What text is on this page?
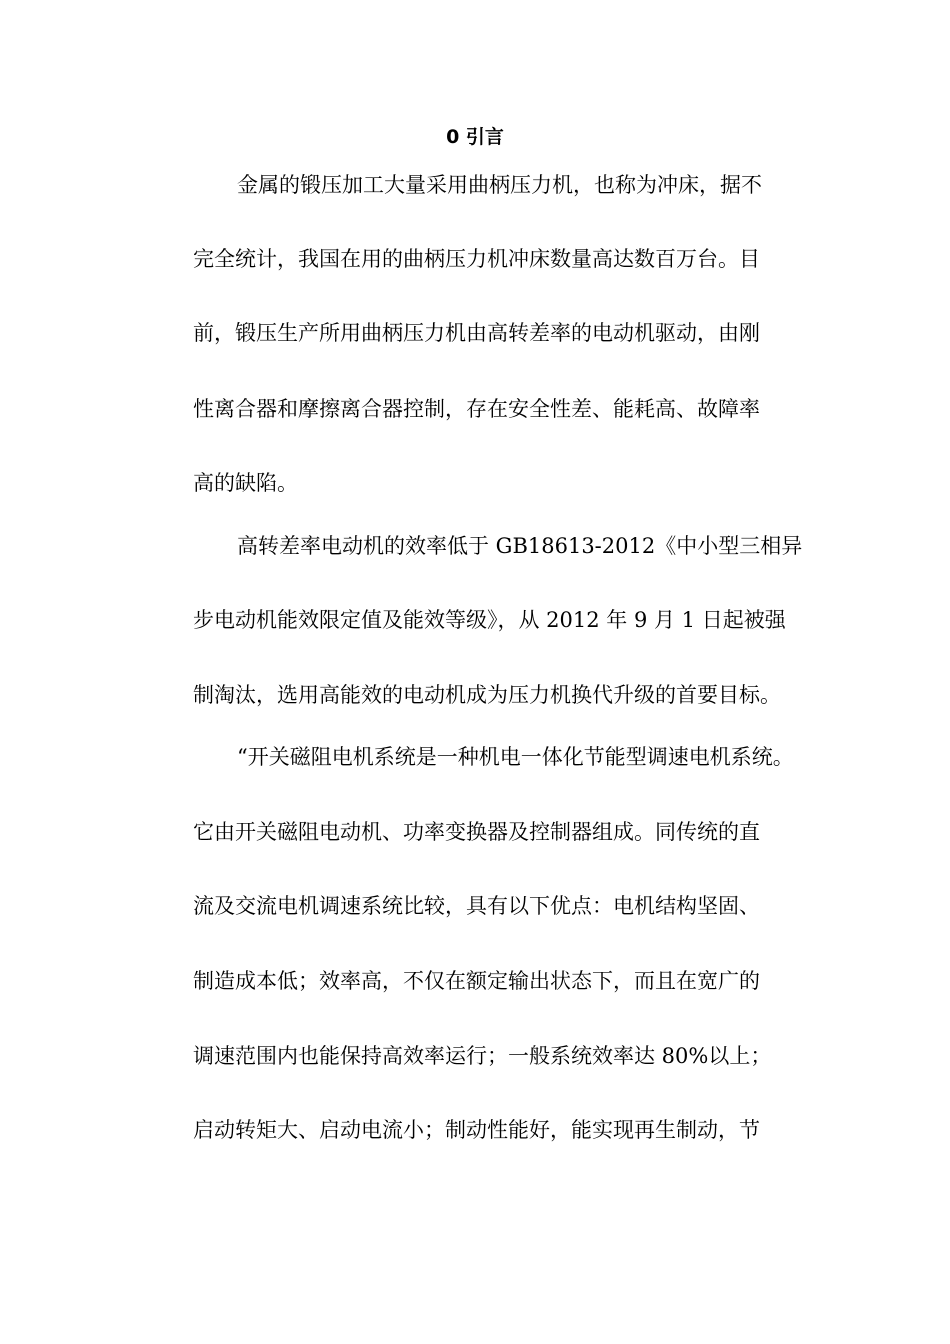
0 引言
金属的锻压加工大量采用曲柄压力机，也称为冲床，据不
完全统计，我国在用的曲柄压力机冲床数量高达数百万台。目
前，锻压生产所用曲柄压力机由高转差率的电动机驱动，由刚
性离合器和摩擦离合器控制，存在安全性差、能耗高、故障率
高的缺陷。
高转差率电动机的效率低于 GB18613-2012《中小型三相异
步电动机能效限定值及能效等级》，从 2012 年 9 月 1 日起被强
制淘汰，选用高能效的电动机成为压力机换代升级的首要目标。
“开关磁阻电机系统是一种机电一体化节能型调速电机系统。
它由开关磁阻电动机、功率变换器及控制器组成。同传统的直
流及交流电机调速系统比较，具有以下优点：电机结构坚固、
制造成本低；效率高，不仅在额定输出状态下，而且在宽广的
调速范围内也能保持高效率运行；一般系统效率达 80%以上；
启动转矩大、启动电流小；制动性能好，能实现再生制动，节
